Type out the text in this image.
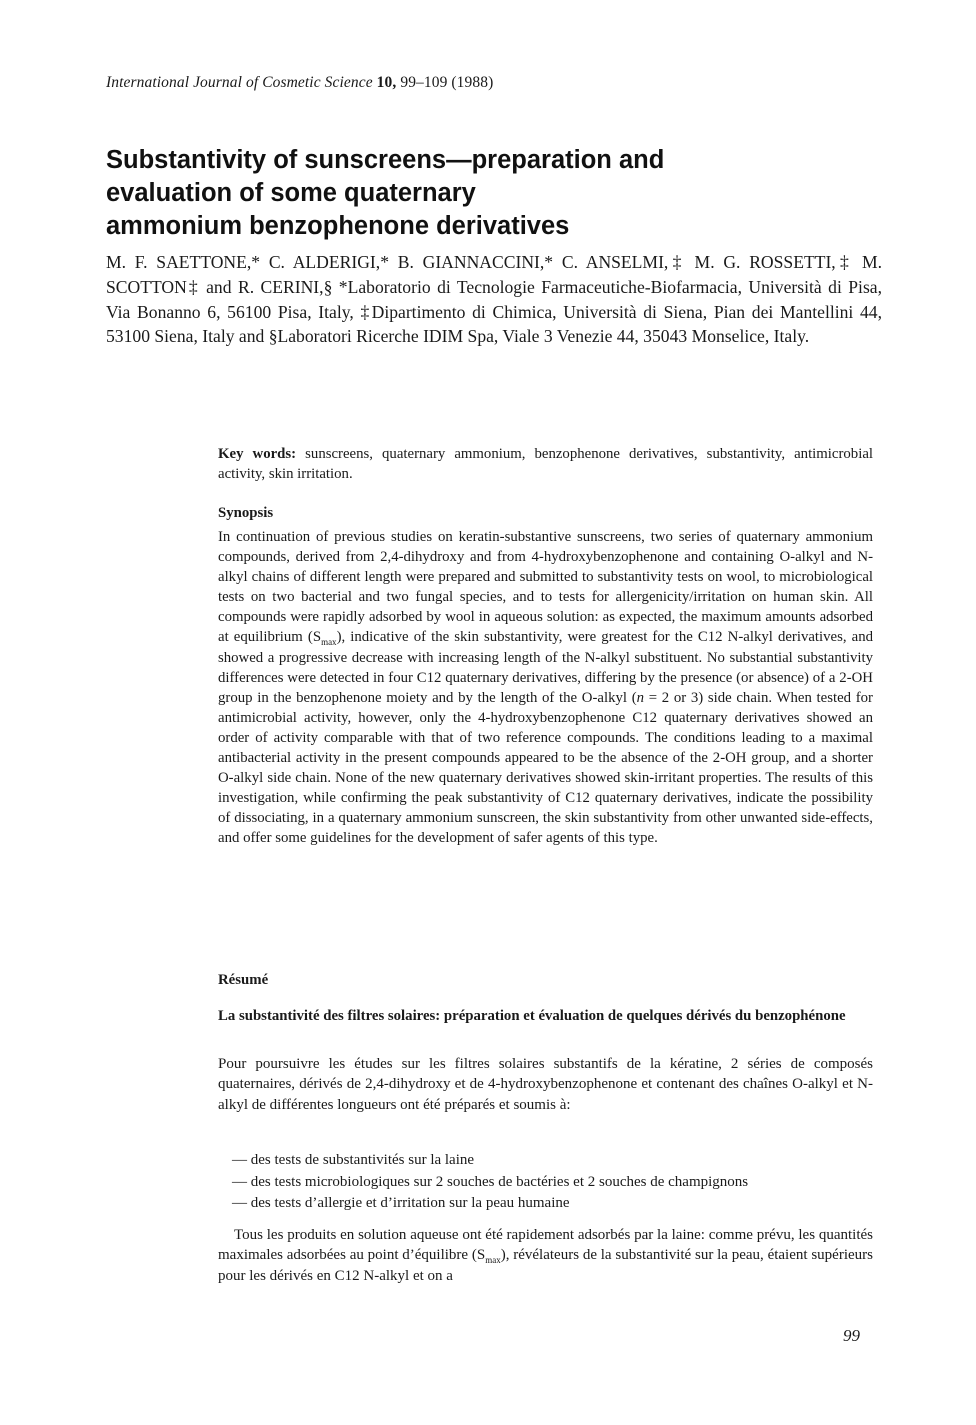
International Journal of Cosmetic Science 10, 99–109 (1988)
Substantivity of sunscreens—preparation and
evaluation of some quaternary
ammonium benzophenone derivatives

M. F. SAETTONE,* C. ALDERIGI,* B. GIANNACCINI,* C. ANSELMI,‡ M. G. ROSSETTI,‡ M. SCOTTON‡ and R. CERINI,§ *Laboratorio di Tecnologie Farmaceutiche-Biofarmacia, Università di Pisa, Via Bonanno 6, 56100 Pisa, Italy, ‡Dipartimento di Chimica, Università di Siena, Pian dei Mantellini 44, 53100 Siena, Italy and §Laboratori Ricerche IDIM Spa, Viale 3 Venezie 44, 35043 Monselice, Italy.

Key words: sunscreens, quaternary ammonium, benzophenone derivatives, substantivity, antimicrobial activity, skin irritation.
Synopsis

In continuation of previous studies on keratin-substantive sunscreens, two series of quaternary ammonium compounds, derived from 2,4-dihydroxy and from 4-hydroxybenzophenone and containing O-alkyl and N-alkyl chains of different length were prepared and submitted to substantivity tests on wool, to microbiological tests on two bacterial and two fungal species, and to tests for allergenicity/irritation on human skin. All compounds were rapidly adsorbed by wool in aqueous solution: as expected, the maximum amounts adsorbed at equilibrium $(S_{max})$, indicative of the skin substantivity, were greatest for the C12 N-alkyl derivatives, and showed a progressive decrease with increasing length of the N-alkyl substituent. No substantial substantivity differences were detected in four C12 quaternary derivatives, differing by the presence (or absence) of a 2-OH group in the benzophenone moiety and by the length of the O-alkyl (n = 2 or 3) side chain. When tested for antimicrobial activity, however, only the 4-hydroxybenzophenone C12 quaternary derivatives showed an order of activity comparable with that of two reference compounds. The conditions leading to a maximal antibacterial activity in the present compounds appeared to be the absence of the 2-OH group, and a shorter O-alkyl side chain. None of the new quaternary derivatives showed skin-irritant properties. The results of this investigation, while confirming the peak substantivity of C12 quaternary derivatives, indicate the possibility of dissociating, in a quaternary ammonium sunscreen, the skin substantivity from other unwanted side-effects, and offer some guidelines for the development of safer agents of this type.

Résumé
La substantivité des filtres solaires: préparation et évaluation de quelques dérivés du benzophénone

Pour poursuivre les études sur les filtres solaires substantifs de la kératine, 2 séries de composés quaternaires, dérivés de 2,4-dihydroxy et de 4-hydroxybenzophenone et contenant des chaînes O-alkyl et N-alkyl de différentes longueurs ont été préparés et soumis à:

— des tests de substantivités sur la laine
— des tests microbiologiques sur 2 souches de bactéries et 2 souches de champignons
— des tests d’allergie et d’irritation sur la peau humaine

Tous les produits en solution aqueuse ont été rapidement adsorbés par la laine: comme prévu, les quantités maximales adsorbées au point d’équilibre $(S_{max})$, révélateurs de la substantivité sur la peau, étaient supérieurs pour les dérivés en C12 N-alkyl et on a

99
